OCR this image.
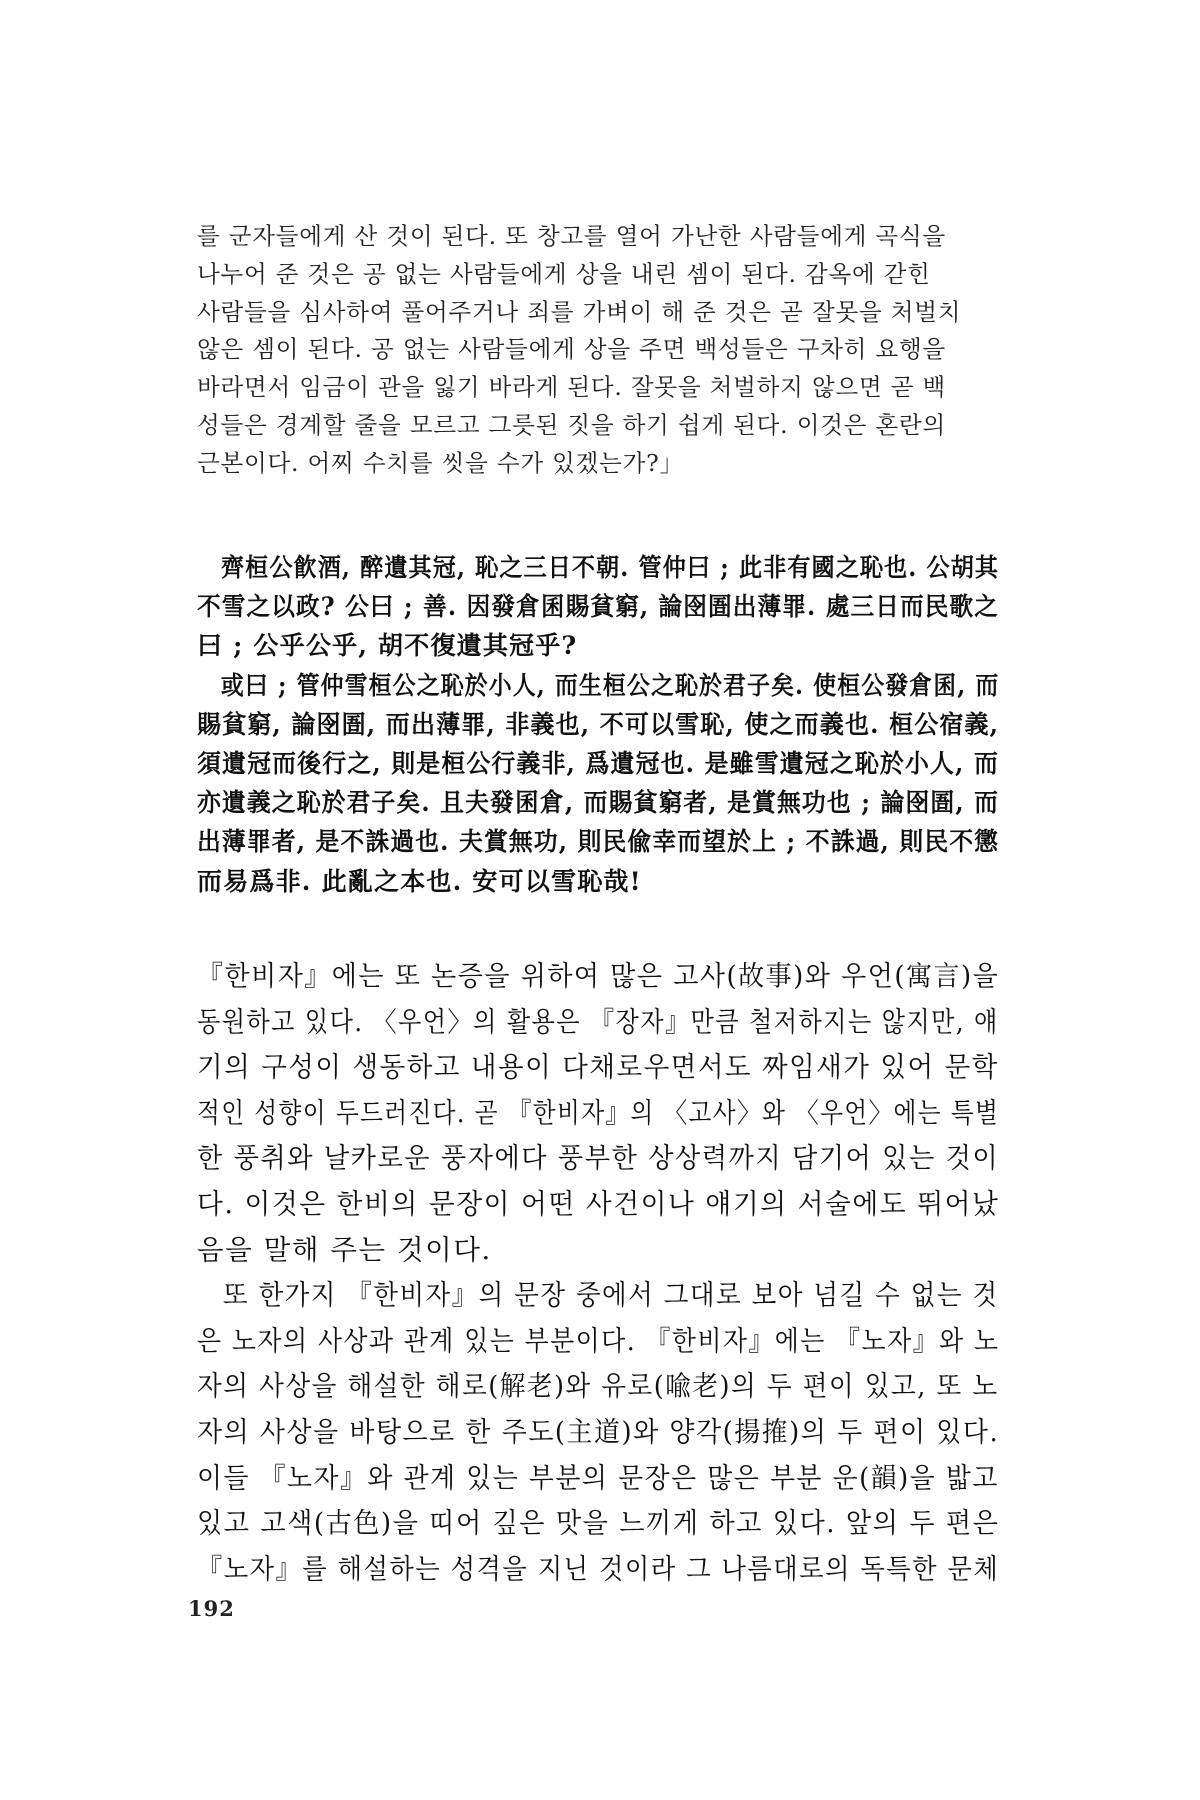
를 군자들에게 산 것이 된다. 또 창고를 열어 가난한 사람들에게 곡식을
나누어 준 것은 공 없는 사람들에게 상을 내린 셈이 된다. 감옥에 갇힌
사람들을 심사하여 풀어주거나 죄를 가벼이 해 준 것은 곧 잘못을 처벌치
않은 셈이 된다. 공 없는 사람들에게 상을 주면 백성들은 구차히 요행을
바라면서 임금이 관을 잃기 바라게 된다. 잘못을 처벌하지 않으면 곧 백
성들은 경계할 줄을 모르고 그릇된 짓을 하기 쉽게 된다. 이것은 혼란의
근본이다. 어찌 수치를 씻을 수가 있겠는가?」
齊桓公飮酒, 醉遺其冠, 恥之三日不朝. 管仲曰 ; 此非有國之恥也. 公胡其
不雪之以政? 公曰 ; 善. 因發倉囷賜貧窮, 論囹圄出薄罪. 處三日而民歌之
曰 ; 公乎公乎, 胡不復遺其冠乎?
或曰 ; 管仲雪桓公之恥於小人, 而生桓公之恥於君子矣. 使桓公發倉囷, 而
賜貧窮, 論囹圄, 而出薄罪, 非義也, 不可以雪恥, 使之而義也. 桓公宿義,
須遺冠而後行之, 則是桓公行義非, 爲遺冠也. 是雖雪遺冠之恥於小人, 而
亦遺義之恥於君子矣. 且夫發囷倉, 而賜貧窮者, 是賞無功也 ; 論囹圄, 而
出薄罪者, 是不誅過也. 夫賞無功, 則民偸幸而望於上 ; 不誅過, 則民不懲
而易爲非. 此亂之本也. 安可以雪恥哉!
『한비자』에는 또 논증을 위하여 많은 고사(故事)와 우언(寓言)을
동원하고 있다. 〈우언〉의 활용은 『장자』만큼 철저하지는 않지만, 얘
기의 구성이 생동하고 내용이 다채로우면서도 짜임새가 있어 문학
적인 성향이 두드러진다. 곧 『한비자』의 〈고사〉와 〈우언〉에는 특별
한 풍취와 날카로운 풍자에다 풍부한 상상력까지 담기어 있는 것이
다. 이것은 한비의 문장이 어떤 사건이나 얘기의 서술에도 뛰어났
음을 말해 주는 것이다.
또 한가지 『한비자』의 문장 중에서 그대로 보아 넘길 수 없는 것
은 노자의 사상과 관계 있는 부분이다. 『한비자』에는 『노자』와 노
자의 사상을 해설한 해로(解老)와 유로(喩老)의 두 편이 있고, 또 노
자의 사상을 바탕으로 한 주도(主道)와 양각(揚搉)의 두 편이 있다.
이들 『노자』와 관계 있는 부분의 문장은 많은 부분 운(韻)을 밟고
있고 고색(古色)을 띠어 깊은 맛을 느끼게 하고 있다. 앞의 두 편은
『노자』를 해설하는 성격을 지닌 것이라 그 나름대로의 독특한 문체
192
